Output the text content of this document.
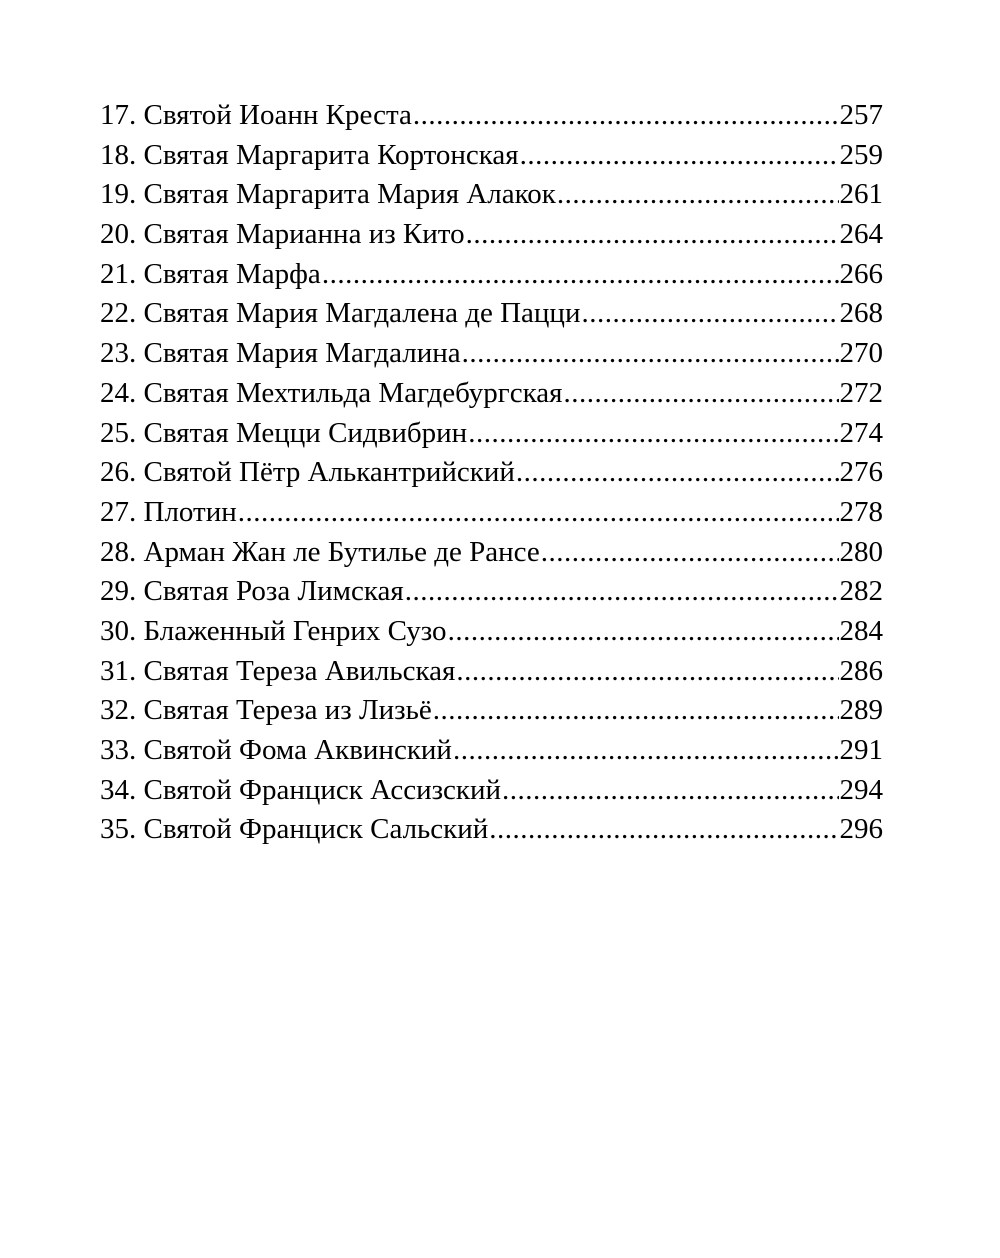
17. Святой Иоанн Креста .....	257
18. Святая Маргарита Кортонская .....	259
19. Святая Маргарита Мария Алакок .....	261
20. Святая Марианна из Кито .....	264
21. Святая Марфа .....	266
22. Святая Мария Магдалена де Пацци .....	268
23. Святая Мария Магдалина .....	270
24. Святая Мехтильда Магдебургская .....	272
25. Святая Мецци Сидвибрин .....	274
26. Святой Пётр Алькантрийский .....	276
27. Плотин .....	278
28. Арман Жан ле Бутилье де Рансе .....	280
29. Святая Роза Лимская .....	282
30. Блаженный Генрих Сузо .....	284
31. Святая Тереза Авильская .....	286
32. Святая Тереза из Лизьё .....	289
33. Святой Фома Аквинский .....	291
34. Святой Франциск Ассизский .....	294
35. Святой Франциск Сальский .....	296
